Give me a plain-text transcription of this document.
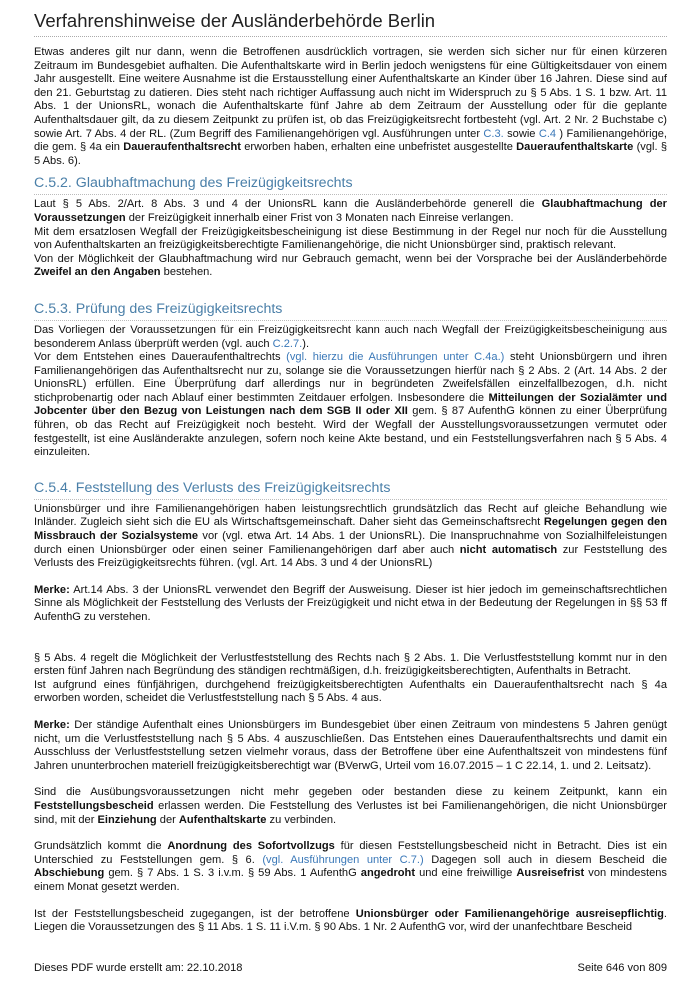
Verfahrenshinweise der Ausländerbehörde Berlin

Etwas anderes gilt nur dann, wenn die Betroffenen ausdrücklich vortragen, sie werden sich sicher nur für einen kürzeren Zeitraum im Bundesgebiet aufhalten. Die Aufenthaltskarte wird in Berlin jedoch wenigstens für eine Gültigkeitsdauer von einem Jahr ausgestellt. Eine weitere Ausnahme ist die Erstausstellung einer Aufenthaltskarte an Kinder über 16 Jahren. Diese sind auf den 21. Geburtstag zu datieren. Dies steht nach richtiger Auffassung auch nicht im Widerspruch zu § 5 Abs. 1 S. 1 bzw. Art. 11 Abs. 1 der UnionsRL, wonach die Aufenthaltskarte fünf Jahre ab dem Zeitraum der Ausstellung oder für die geplante Aufenthaltsdauer gilt, da zu diesem Zeitpunkt zu prüfen ist, ob das Freizügigkeitsrecht fortbesteht (vgl. Art. 2 Nr. 2 Buchstabe c) sowie Art. 7 Abs. 4 der RL. (Zum Begriff des Familienangehörigen vgl. Ausführungen unter C.3. sowie C.4 ) Familienangehörige, die gem. § 4a ein Daueraufenthaltsrecht erworben haben, erhalten eine unbefristet ausgestellte Daueraufenthaltskarte (vgl. § 5 Abs. 6).

C.5.2. Glaubhaftmachung des Freizügigkeitsrechts

Laut § 5 Abs. 2/Art. 8 Abs. 3 und 4 der UnionsRL kann die Ausländerbehörde generell die Glaubhaftmachung der Voraussetzungen der Freizügigkeit innerhalb einer Frist von 3 Monaten nach Einreise verlangen.

Mit dem ersatzlosen Wegfall der Freizügigkeitsbescheinigung ist diese Bestimmung in der Regel nur noch für die Ausstellung von Aufenthaltskarten an freizügigkeitsberechtigte Familienangehörige, die nicht Unionsbürger sind, praktisch relevant.

Von der Möglichkeit der Glaubhaftmachung wird nur Gebrauch gemacht, wenn bei der Vorsprache bei der Ausländerbehörde Zweifel an den Angaben bestehen.

C.5.3. Prüfung des Freizügigkeitsrechts

Das Vorliegen der Voraussetzungen für ein Freizügigkeitsrecht kann auch nach Wegfall der Freizügigkeitsbescheinigung aus besonderem Anlass überprüft werden (vgl. auch C.2.7.).

Vor dem Entstehen eines Daueraufenthaltrechts (vgl. hierzu die Ausführungen unter C.4a.) steht Unionsbürgern und ihren Familienangehörigen das Aufenthaltsrecht nur zu, solange sie die Voraussetzungen hierfür nach § 2 Abs. 2 (Art. 14 Abs. 2 der UnionsRL) erfüllen. Eine Überprüfung darf allerdings nur in begründeten Zweifelsfällen einzelfallbezogen, d.h. nicht stichprobenartig oder nach Ablauf einer bestimmten Zeitdauer erfolgen. Insbesondere die Mitteilungen der Sozialämter und Jobcenter über den Bezug von Leistungen nach dem SGB II oder XII gem. § 87 AufenthG können zu einer Überprüfung führen, ob das Recht auf Freizügigkeit noch besteht. Wird der Wegfall der Ausstellungsvoraussetzungen vermutet oder festgestellt, ist eine Ausländerakte anzulegen, sofern noch keine Akte bestand, und ein Feststellungsverfahren nach § 5 Abs. 4 einzuleiten.

C.5.4. Feststellung des Verlusts des Freizügigkeitsrechts

Unionsbürger und ihre Familienangehörigen haben leistungsrechtlich grundsätzlich das Recht auf gleiche Behandlung wie Inländer. Zugleich sieht sich die EU als Wirtschaftsgemeinschaft. Daher sieht das Gemeinschaftsrecht Regelungen gegen den Missbrauch der Sozialsysteme vor (vgl. etwa Art. 14 Abs. 1 der UnionsRL). Die Inanspruchnahme von Sozialhilfeleistungen durch einen Unionsbürger oder einen seiner Familienangehörigen darf aber auch nicht automatisch zur Feststellung des Verlusts des Freizügigkeitsrechts führen. (vgl. Art. 14 Abs. 3 und 4 der UnionsRL)

Merke: Art.14 Abs. 3 der UnionsRL verwendet den Begriff der Ausweisung. Dieser ist hier jedoch im gemeinschaftsrechtlichen Sinne als Möglichkeit der Feststellung des Verlusts der Freizügigkeit und nicht etwa in der Bedeutung der Regelungen in §§ 53 ff AufenthG zu verstehen.

§ 5 Abs. 4 regelt die Möglichkeit der Verlustfeststellung des Rechts nach § 2 Abs. 1. Die Verlustfeststellung kommt nur in den ersten fünf Jahren nach Begründung des ständigen rechtmäßigen, d.h. freizügigkeitsberechtigten, Aufenthalts in Betracht.

Ist aufgrund eines fünfjährigen, durchgehend freizügigkeitsberechtigten Aufenthalts ein Daueraufenthaltsrecht nach § 4a erworben worden, scheidet die Verlustfeststellung nach § 5 Abs. 4 aus.

Merke: Der ständige Aufenthalt eines Unionsbürgers im Bundesgebiet über einen Zeitraum von mindestens 5 Jahren genügt nicht, um die Verlustfeststellung nach § 5 Abs. 4 auszuschließen. Das Entstehen eines Daueraufenthaltsrechts und damit ein Ausschluss der Verlustfeststellung setzen vielmehr voraus, dass der Betroffene über eine Aufenthaltszeit von mindestens fünf Jahren ununterbrochen materiell freizügigkeitsberechtigt war (BVerwG, Urteil vom 16.07.2015 – 1 C 22.14, 1. und 2. Leitsatz).

Sind die Ausübungsvoraussetzungen nicht mehr gegeben oder bestanden diese zu keinem Zeitpunkt, kann ein Feststellungsbescheid erlassen werden. Die Feststellung des Verlustes ist bei Familienangehörigen, die nicht Unionsbürger sind, mit der Einziehung der Aufenthaltskarte zu verbinden.

Grundsätzlich kommt die Anordnung des Sofortvollzugs für diesen Feststellungsbescheid nicht in Betracht. Dies ist ein Unterschied zu Feststellungen gem. § 6. (vgl. Ausführungen unter C.7.) Dagegen soll auch in diesem Bescheid die Abschiebung gem. § 7 Abs. 1 S. 3 i.v.m. § 59 Abs. 1 AufenthG angedroht und eine freiwillige Ausreisefrist von mindestens einem Monat gesetzt werden.

Ist der Feststellungsbescheid zugegangen, ist der betroffene Unionsbürger oder Familienangehörige ausreisepflichtig. Liegen die Voraussetzungen des § 11 Abs. 1 S. 11 i.V.m. § 90 Abs. 1 Nr. 2 AufenthG vor, wird der unanfechtbare Bescheid

Dieses PDF wurde erstellt am: 22.10.2018	Seite 646 von 809
